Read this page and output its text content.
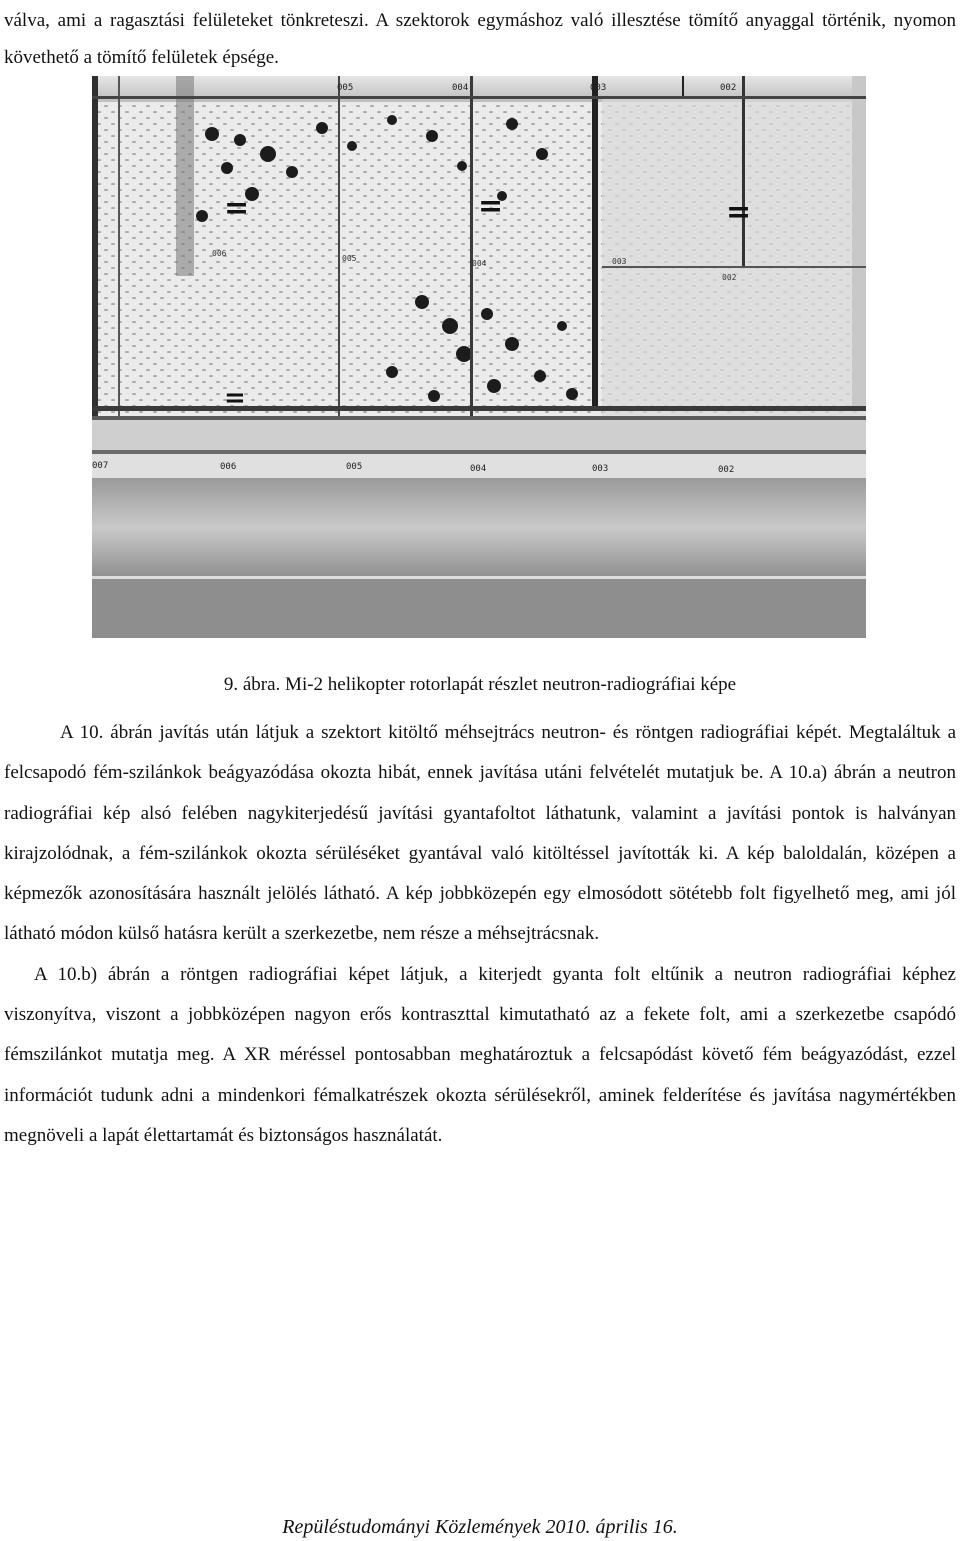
válva, ami a ragasztási felületeket tönkreteszi. A szektorok egymáshoz való illesztése tömítő anyaggal történik, nyomon követhető a tömítő felületek épsége.

005	004	003	002
006
005
004	003
002
007	006	005	004	003	002
=	=	=
=

9. ábra. Mi-2 helikopter rotorlapát részlet neutron-radiográfiai képe

A 10. ábrán javítás után látjuk a szektort kitöltő méhsejtrács neutron- és röntgen radiográfiai képét. Megtaláltuk a felcsapodó fém-szilánkok beágyazódása okozta hibát, ennek javítása utáni felvételét mutatjuk be. A 10.a) ábrán a neutron radiográfiai kép alsó felében nagykiterjedésű javítási gyantafoltot láthatunk, valamint a javítási pontok is halványan kirajzolódnak, a fém-szilánkok okozta sérüléséket gyantával való kitöltéssel javították ki. A kép baloldalán, középen a képmezők azonosítására használt jelölés látható. A kép jobbközepén egy elmosódott sötétebb folt figyelhető meg, ami jól látható módon külső hatásra került a szerkezetbe, nem része a méhsejtrácsnak.

A 10.b) ábrán a röntgen radiográfiai képet látjuk, a kiterjedt gyanta folt eltűnik a neutron radiográfiai képhez viszonyítva, viszont a jobbközépen nagyon erős kontraszttal kimutatható az a fekete folt, ami a szerkezetbe csapódó fémszilánkot mutatja meg. A XR méréssel pontosabban meghatároztuk a felcsapódást követő fém beágyazódást, ezzel információt tudunk adni a mindenkori fémalkatrészek okozta sérülésekről, aminek felderítése és javítása nagymértékben megnöveli a lapát élettartamát és biztonságos használatát.

Repüléstudományi Közlemények 2010. április 16.
